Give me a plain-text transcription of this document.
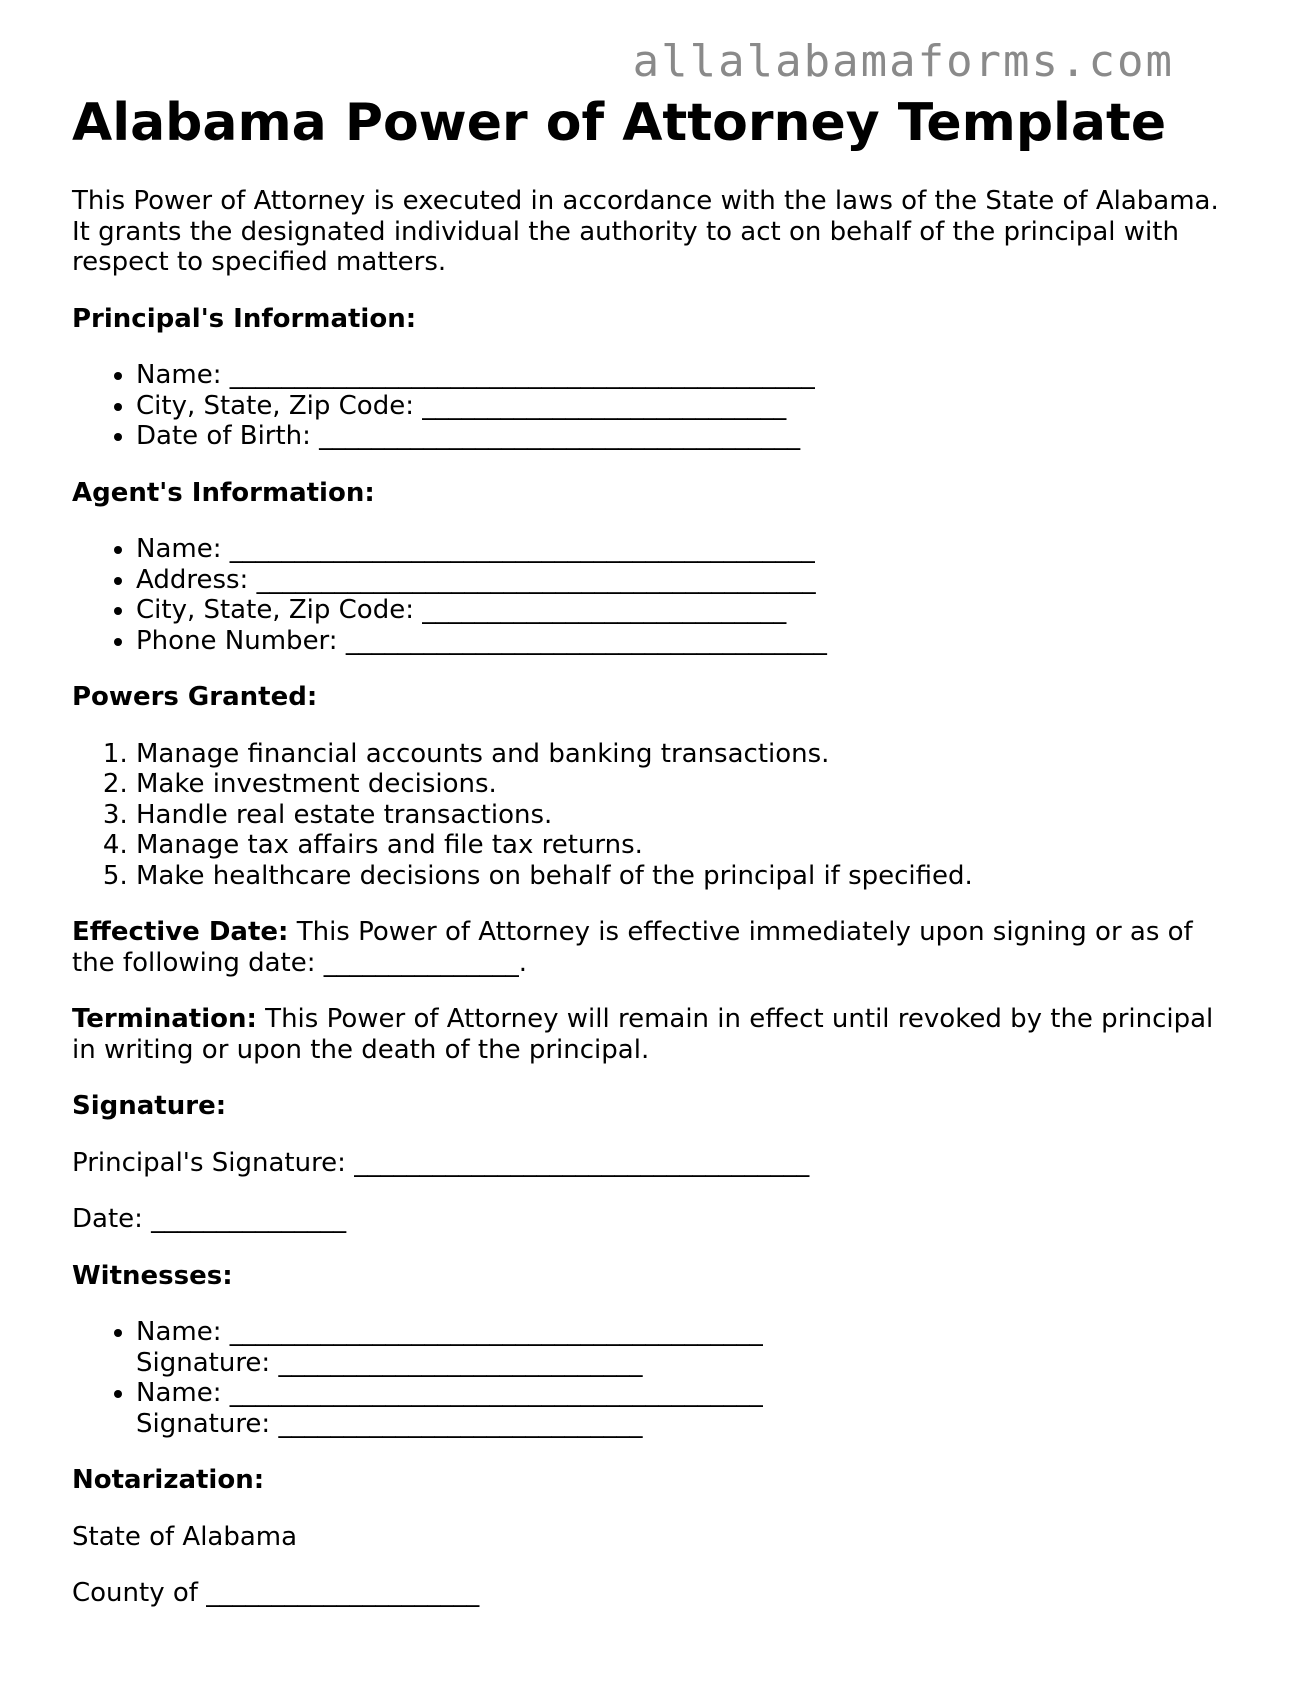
allalabamaforms.com
Alabama Power of Attorney Template

This Power of Attorney is executed in accordance with the laws of the State of Alabama. It grants the designated individual the authority to act on behalf of the principal with respect to specified matters.

Principal's Information:

• Name: _____________________________________________
• City, State, Zip Code: ____________________________
• Date of Birth: _____________________________________

Agent's Information:

• Name: _____________________________________________
• Address: ___________________________________________
• City, State, Zip Code: ____________________________
• Phone Number: _____________________________________

Powers Granted:

1. Manage financial accounts and banking transactions.
2. Make investment decisions.
3. Handle real estate transactions.
4. Manage tax affairs and file tax returns.
5. Make healthcare decisions on behalf of the principal if specified.

Effective Date: This Power of Attorney is effective immediately upon signing or as of the following date: _______________.

Termination: This Power of Attorney will remain in effect until revoked by the principal in writing or upon the death of the principal.

Signature:

Principal's Signature: ___________________________________

Date: _______________

Witnesses:

• Name: _________________________________________ Signature: ____________________________
• Name: _________________________________________ Signature: ____________________________

Notarization:

State of Alabama

County of _____________________
